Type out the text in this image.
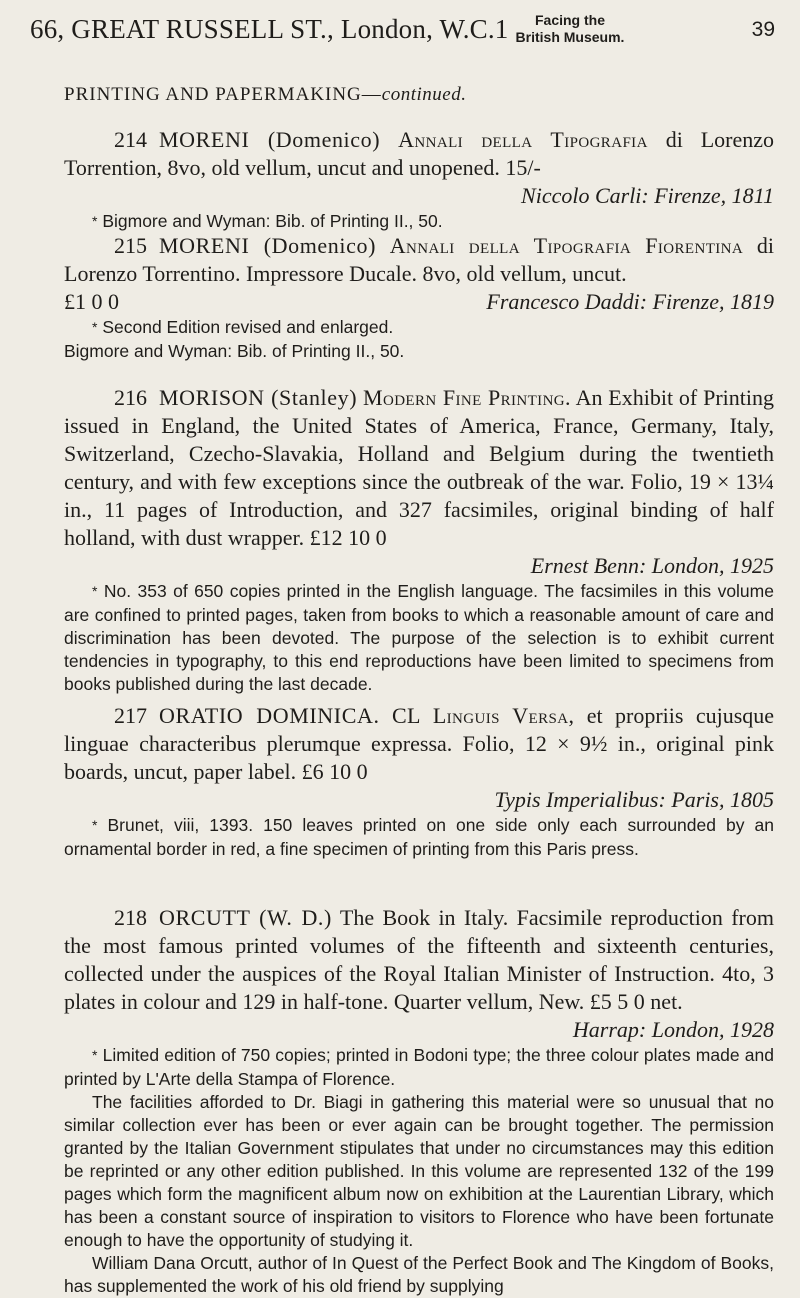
66, GREAT RUSSELL ST., London, W.C.1	Facing the
British Museum.	39
PRINTING AND PAPERMAKING—continued.

214 MORENI (Domenico) Annali della Tipografia di Lorenzo Torrention, 8vo, old vellum, uncut and unopened. 15/-

Niccolo Carli: Firenze, 1811

* Bigmore and Wyman: Bib. of Printing II., 50.

215 MORENI (Domenico) Annali della Tipografia Fiorentina di Lorenzo Torrentino. Impressore Ducale. 8vo, old vellum, uncut.

£1 0 0	Francesco Daddi: Firenze, 1819

* Second Edition revised and enlarged.

Bigmore and Wyman: Bib. of Printing II., 50.

216 MORISON (Stanley) Modern Fine Printing. An Exhibit of Printing issued in England, the United States of America, France, Germany, Italy, Switzerland, Czecho-Slavakia, Holland and Belgium during the twentieth century, and with few exceptions since the outbreak of the war. Folio, 19 × 13¼ in., 11 pages of Introduction, and 327 facsimiles, original binding of half holland, with dust wrapper. £12 10 0

Ernest Benn: London, 1925

* No. 353 of 650 copies printed in the English language. The facsimiles in this volume are confined to printed pages, taken from books to which a reasonable amount of care and discrimination has been devoted. The purpose of the selection is to exhibit current tendencies in typography, to this end reproductions have been limited to specimens from books published during the last decade.

217 ORATIO DOMINICA. CL Linguis Versa, et propriis cujusque linguae characteribus plerumque expressa. Folio, 12 × 9½ in., original pink boards, uncut, paper label. £6 10 0

Typis Imperialibus: Paris, 1805

* Brunet, viii, 1393. 150 leaves printed on one side only each surrounded by an ornamental border in red, a fine specimen of printing from this Paris press.

218 ORCUTT (W. D.) The Book in Italy. Facsimile reproduction from the most famous printed volumes of the fifteenth and sixteenth centuries, collected under the auspices of the Royal Italian Minister of Instruction. 4to, 3 plates in colour and 129 in half-tone. Quarter vellum, New. £5 5 0 net.

Harrap: London, 1928

* Limited edition of 750 copies; printed in Bodoni type; the three colour plates made and printed by L'Arte della Stampa of Florence.

The facilities afforded to Dr. Biagi in gathering this material were so unusual that no similar collection ever has been or ever again can be brought together. The permission granted by the Italian Government stipulates that under no circumstances may this edition be reprinted or any other edition published. In this volume are represented 132 of the 199 pages which form the magnificent album now on exhibition at the Laurentian Library, which has been a constant source of inspiration to visitors to Florence who have been fortunate enough to have the opportunity of studying it.

William Dana Orcutt, author of In Quest of the Perfect Book and The Kingdom of Books, has supplemented the work of his old friend by supplying
